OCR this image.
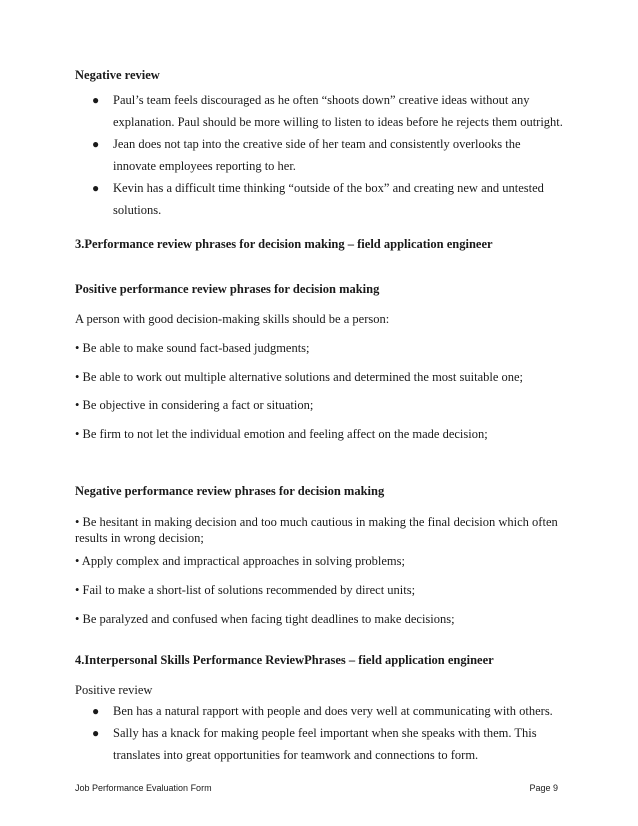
Negative review
● Paul’s team feels discouraged as he often “shoots down” creative ideas without any explanation. Paul should be more willing to listen to ideas before he rejects them outright.
● Jean does not tap into the creative side of her team and consistently overlooks the innovate employees reporting to her.
● Kevin has a difficult time thinking “outside of the box” and creating new and untested solutions.
3.Performance review phrases for decision making – field application engineer
Positive performance review phrases for decision making
A person with good decision-making skills should be a person:
• Be able to make sound fact-based judgments;
• Be able to work out multiple alternative solutions and determined the most suitable one;
• Be objective in considering a fact or situation;
• Be firm to not let the individual emotion and feeling affect on the made decision;
Negative performance review phrases for decision making
• Be hesitant in making decision and too much cautious in making the final decision which often results in wrong decision;
• Apply complex and impractical approaches in solving problems;
• Fail to make a short-list of solutions recommended by direct units;
• Be paralyzed and confused when facing tight deadlines to make decisions;
4.Interpersonal Skills Performance ReviewPhrases – field application engineer
Positive review
● Ben has a natural rapport with people and does very well at communicating with others.
● Sally has a knack for making people feel important when she speaks with them. This translates into great opportunities for teamwork and connections to form.
Job Performance Evaluation Form	Page 9
